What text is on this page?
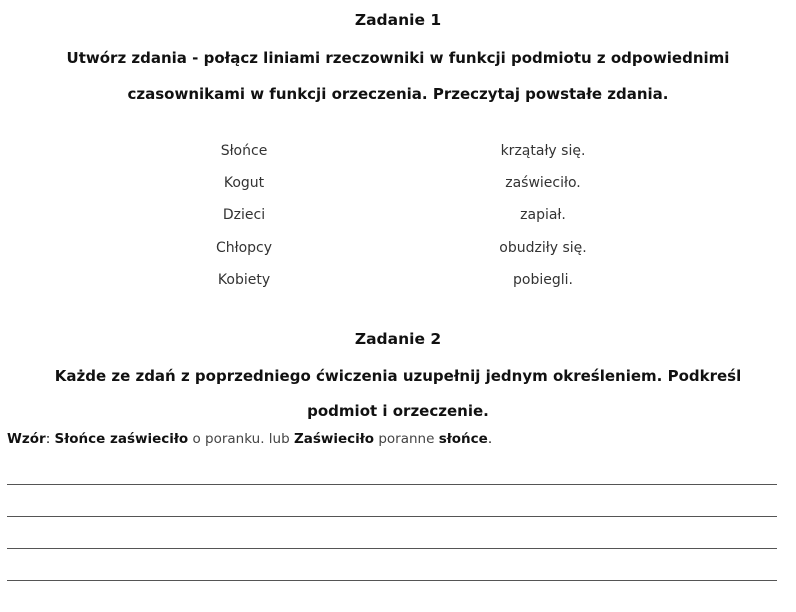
Zadanie 1
Utwórz zdania - połącz liniami rzeczowniki w funkcji podmiotu z odpowiednimi
czasownikami w funkcji orzeczenia. Przeczytaj powstałe zdania.
Słońce
Kogut
Dzieci
Chłopcy
Kobiety
krzątały się.
zaświeciło.
zapiał.
obudziły się.
pobiegli.
Zadanie 2
Każde ze zdań z poprzedniego ćwiczenia uzupełnij jednym określeniem. Podkreśl
podmiot i orzeczenie.
Wzór: Słońce zaświeciło o poranku. lub Zaświeciło poranne słońce.
